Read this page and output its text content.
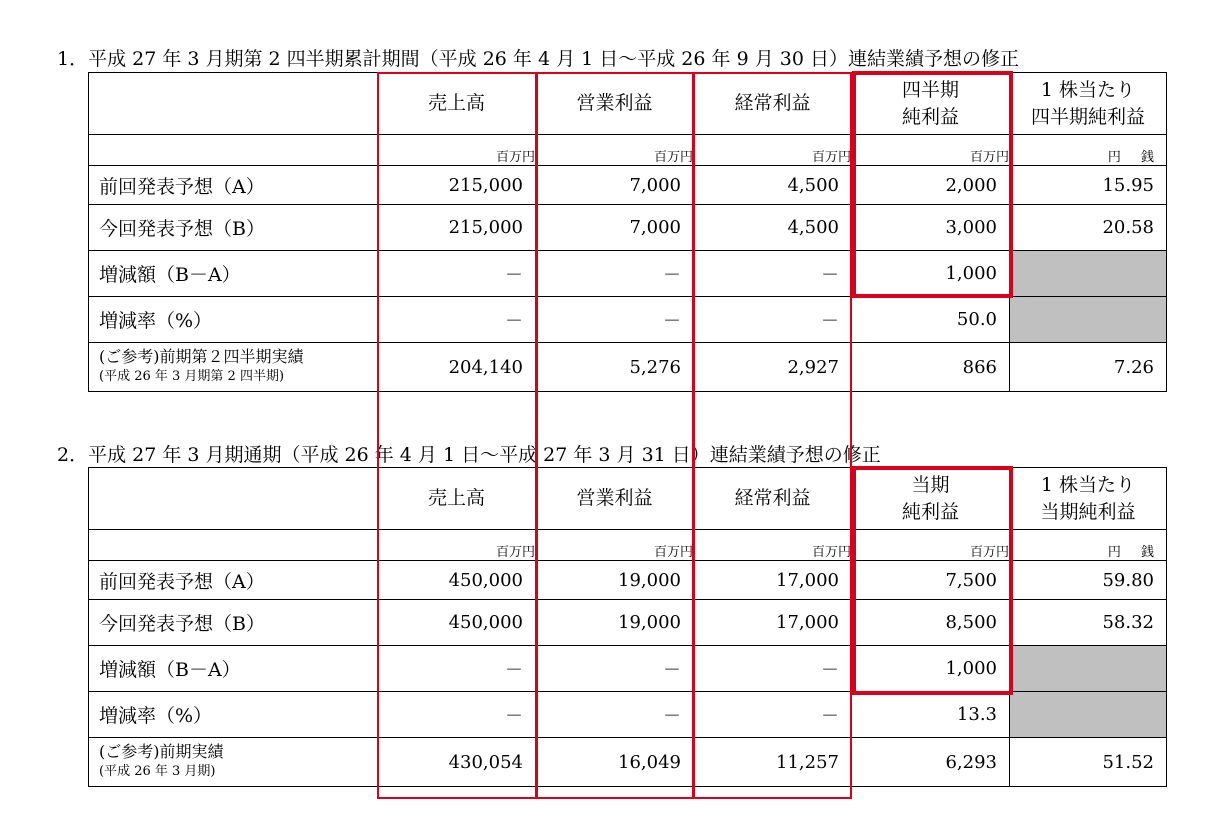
1．平成 27 年 3 月期第 2 四半期累計期間（平成 26 年 4 月 1 日～平成 26 年 9 月 30 日）連結業績予想の修正
	売上高	営業利益	経常利益	四半期
純利益	1 株当たり
四半期純利益
	百万円	百万円	百万円	百万円	円 銭
前回発表予想（A）	215,000	7,000	4,500	2,000	15.95
今回発表予想（B）	215,000	7,000	4,500	3,000	20.58
増減額（B－A）	－	－	－	1,000	
増減率（%）	－	－	－	50.0	

(ご参考)前期第２四半期実績
(平成 26 年 3 月期第 2 四半期)	204,140	5,276	2,927	866	7.26
2．平成 27 年 3 月期通期（平成 26 年 4 月 1 日～平成 27 年 3 月 31 日）連結業績予想の修正
	売上高	営業利益	経常利益	当期
純利益	1 株当たり
当期純利益
	百万円	百万円	百万円	百万円	円 銭
前回発表予想（A）	450,000	19,000	17,000	7,500	59.80
今回発表予想（B）	450,000	19,000	17,000	8,500	58.32
増減額（B－A）	－	－	－	1,000	
増減率（%）	－	－	－	13.3	

(ご参考)前期実績
(平成 26 年 3 月期)	430,054	16,049	11,257	6,293	51.52
